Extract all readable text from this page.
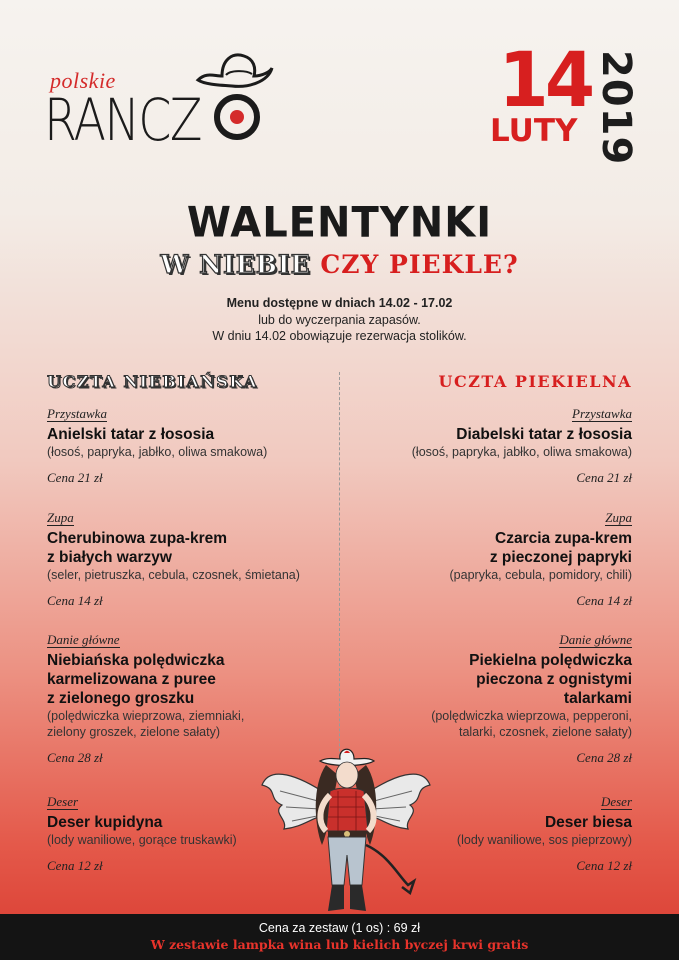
polskie
RANCZ	14
LUTY 2019
WALENTYNKI
W NIEBIE CZY PIEKLE?
Menu dostępne w dniach 14.02 - 17.02
lub do wyczerpania zapasów.
W dniu 14.02 obowiązuje rezerwacja stolików.
UCZTA NIEBIAŃSKA
Przystawka
Anielski tatar z łososia
(łosoś, papryka, jabłko, oliwa smakowa)
Cena 21 zł
Zupa
Cherubinowa zupa-krem
z białych warzyw
(seler, pietruszka, cebula, czosnek, śmietana)
Cena 14 zł
Danie główne
Niebiańska polędwiczka
karmelizowana z puree
z zielonego groszku
(polędwiczka wieprzowa, ziemniaki,
zielony groszek, zielone sałaty)
Cena 28 zł
Deser
Deser kupidyna
(lody waniliowe, gorące truskawki)
Cena 12 zł
UCZTA PIEKIELNA
Przystawka
Diabelski tatar z łososia
(łosoś, papryka, jabłko, oliwa smakowa)
Cena 21 zł
Zupa
Czarcia zupa-krem
z pieczonej papryki
(papryka, cebula, pomidory, chili)
Cena 14 zł
Danie główne
Piekielna polędwiczka
pieczona z ognistymi
talarkami
(polędwiczka wieprzowa, pepperoni,
talarki, czosnek, zielone sałaty)
Cena 28 zł
Deser
Deser biesa
(lody waniliowe, sos pieprzowy)
Cena 12 zł
Cena za zestaw (1 os) : 69 zł
W zestawie lampka wina lub kielich byczej krwi gratis
